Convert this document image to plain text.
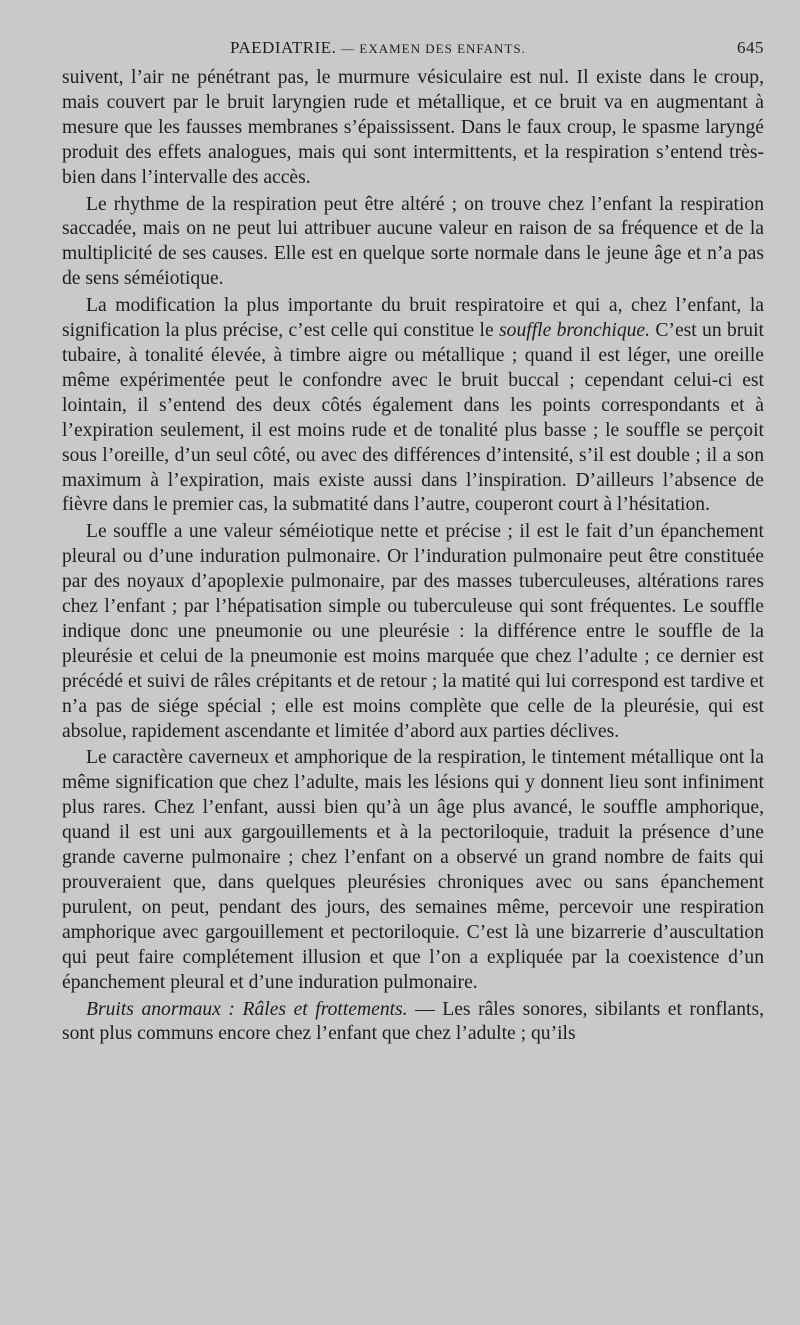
PAEDIATRIE. — EXAMEN DES ENFANTS.	645

suivent, l’air ne pénétrant pas, le murmure vésiculaire est nul. Il existe dans le croup, mais couvert par le bruit laryngien rude et métallique, et ce bruit va en augmentant à mesure que les fausses membranes s’épaississent. Dans le faux croup, le spasme laryngé produit des effets analogues, mais qui sont intermittents, et la respiration s’entend très-bien dans l’intervalle des accès.

Le rhythme de la respiration peut être altéré ; on trouve chez l’enfant la respiration saccadée, mais on ne peut lui attribuer aucune valeur en raison de sa fréquence et de la multiplicité de ses causes. Elle est en quelque sorte normale dans le jeune âge et n’a pas de sens séméiotique.

La modification la plus importante du bruit respiratoire et qui a, chez l’enfant, la signification la plus précise, c’est celle qui constitue le souffle bronchique. C’est un bruit tubaire, à tonalité élevée, à timbre aigre ou métallique ; quand il est léger, une oreille même expérimentée peut le confondre avec le bruit buccal ; cependant celui-ci est lointain, il s’entend des deux côtés également dans les points correspondants et à l’expiration seulement, il est moins rude et de tonalité plus basse ; le souffle se perçoit sous l’oreille, d’un seul côté, ou avec des différences d’intensité, s’il est double ; il a son maximum à l’expiration, mais existe aussi dans l’inspiration. D’ailleurs l’absence de fièvre dans le premier cas, la submatité dans l’autre, couperont court à l’hésitation.

Le souffle a une valeur séméiotique nette et précise ; il est le fait d’un épanchement pleural ou d’une induration pulmonaire. Or l’induration pulmonaire peut être constituée par des noyaux d’apoplexie pulmonaire, par des masses tuberculeuses, altérations rares chez l’enfant ; par l’hépatisation simple ou tuberculeuse qui sont fréquentes. Le souffle indique donc une pneumonie ou une pleurésie : la différence entre le souffle de la pleurésie et celui de la pneumonie est moins marquée que chez l’adulte ; ce dernier est précédé et suivi de râles crépitants et de retour ; la matité qui lui correspond est tardive et n’a pas de siége spécial ; elle est moins complète que celle de la pleurésie, qui est absolue, rapidement ascendante et limitée d’abord aux parties déclives.

Le caractère caverneux et amphorique de la respiration, le tintement métallique ont la même signification que chez l’adulte, mais les lésions qui y donnent lieu sont infiniment plus rares. Chez l’enfant, aussi bien qu’à un âge plus avancé, le souffle amphorique, quand il est uni aux gargouillements et à la pectoriloquie, traduit la présence d’une grande caverne pulmonaire ; chez l’enfant on a observé un grand nombre de faits qui prouveraient que, dans quelques pleurésies chroniques avec ou sans épanchement purulent, on peut, pendant des jours, des semaines même, percevoir une respiration amphorique avec gargouillement et pectoriloquie. C’est là une bizarrerie d’auscultation qui peut faire complétement illusion et que l’on a expliquée par la coexistence d’un épanchement pleural et d’une induration pulmonaire.

Bruits anormaux : Râles et frottements. — Les râles sonores, sibilants et ronflants, sont plus communs encore chez l’enfant que chez l’adulte ; qu’ils
